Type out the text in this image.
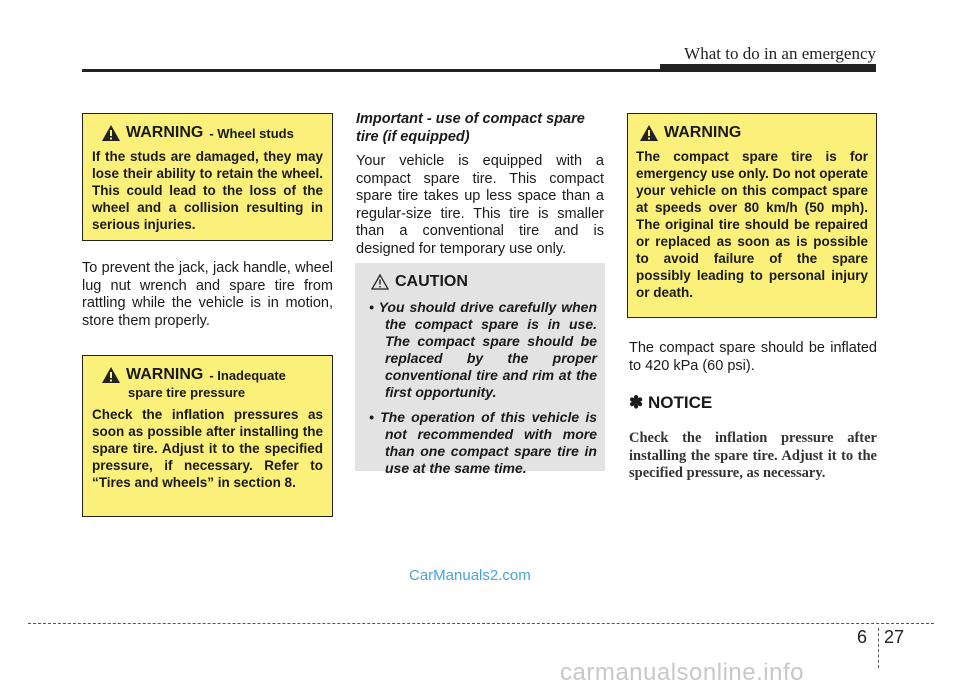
What to do in an emergency
WARNING - Wheel studs
If the studs are damaged, they may lose their ability to retain the wheel. This could lead to the loss of the wheel and a collision resulting in serious injuries.
To prevent the jack, jack handle, wheel lug nut wrench and spare tire from rattling while the vehicle is in motion, store them properly.
WARNING - Inadequate
spare tire pressure
Check the inflation pressures as soon as possible after installing the spare tire. Adjust it to the specified pressure, if necessary. Refer to “Tires and wheels” in section 8.
Important - use of compact spare tire (if equipped)
Your vehicle is equipped with a compact spare tire. This compact spare tire takes up less space than a regular-size tire. This tire is smaller than a conventional tire and is designed for temporary use only.
CAUTION
• You should drive carefully when the compact spare is in use. The compact spare should be replaced by the proper conventional tire and rim at the first opportunity.
• The operation of this vehicle is not recommended with more than one compact spare tire in use at the same time.
WARNING
The compact spare tire is for emergency use only. Do not operate your vehicle on this compact spare at speeds over 80 km/h (50 mph). The original tire should be repaired or replaced as soon as is possible to avoid failure of the spare possibly leading to personal injury or death.
The compact spare should be inflated to 420 kPa (60 psi).
✽ NOTICE
Check the inflation pressure after installing the spare tire. Adjust it to the specified pressure, as necessary.
CarManuals2.com
6 27
carmanualsonline.info
